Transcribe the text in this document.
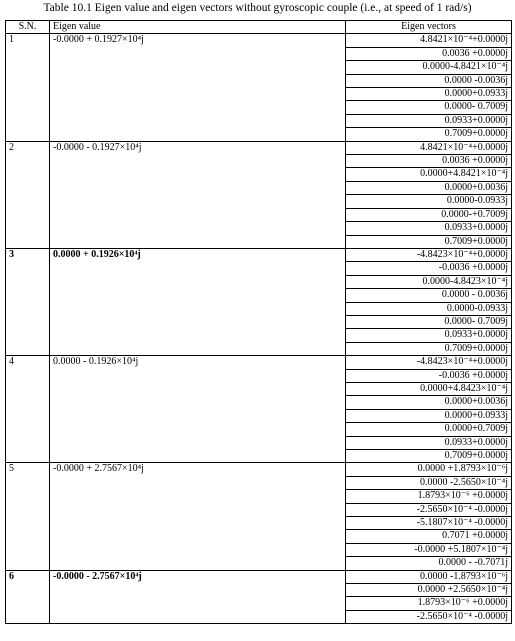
Table 10.1 Eigen value and eigen vectors without gyroscopic couple (i.e., at speed of 1 rad/s)
S.N.	Eigen value	Eigen vectors
1	-0.0000 + 0.1927×10⁴j	4.8421×10⁻⁴+0.0000j
		0.0036 +0.0000j
		0.0000-4.8421×10⁻⁴j
		0.0000 -0.0036j
		0.0000+0.0933j
		0.0000- 0.7009j
		0.0933+0.0000j
		0.7009+0.0000j
2	-0.0000 - 0.1927×10⁴j	4.8421×10⁻⁴+0.0000j
		0.0036 +0.0000j
		0.0000+4.8421×10⁻⁴j
		0.0000+0.0036j
		0.0000-0.0933j
		0.0000-+0.7009j
		0.0933+0.0000j
		0.7009+0.0000j
3	0.0000 + 0.1926×10⁴j	-4.8423×10⁻⁴+0.0000j
		-0.0036 +0.0000j
		0.0000-4.8423×10⁻⁴j
		0.0000 - 0.0036j
		0.0000-0.0933j
		0.0000- 0.7009j
		0.0933+0.0000j
		0.7009+0.0000j
4	0.0000 - 0.1926×10⁴j	-4.8423×10⁻⁴+0.0000j
		-0.0036 +0.0000j
		0.0000+4.8423×10⁻⁴j
		0.0000+0.0036j
		0.0000+0.0933j
		0.0000+0.7009j
		0.0933+0.0000j
		0.7009+0.0000j
5	-0.0000 + 2.7567×10⁴j	0.0000 +1.8793×10⁻⁶j
		0.0000 -2.5650×10⁻⁴j
		1.8793×10⁻⁶ +0.0000j
		-2.5650×10⁻⁴ -0.0000j
		-5.1807×10⁻⁴ -0.0000j
		0.7071 +0.0000j
		-0.0000 +5.1807×10⁻⁴j
		0.0000 - -0.7071j
6	-0.0000 - 2.7567×10⁴j	0.0000 -1.8793×10⁻⁶j
		0.0000 +2.5650×10⁻⁴j
		1.8793×10⁻⁶ +0.0000j
		-2.5650×10⁻⁴ -0.0000j
